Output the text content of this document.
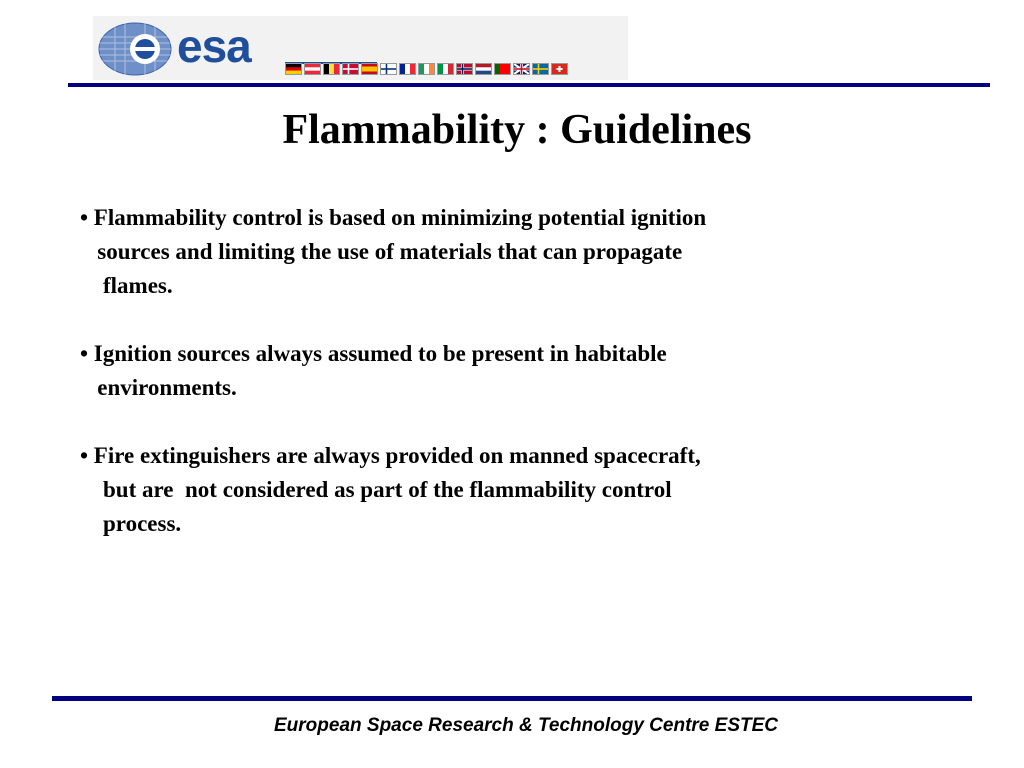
esa
Flammability : Guidelines
• Flammability control is based on minimizing potential ignition
sources and limiting the use of materials that can propagate
flames.
• Ignition sources always assumed to be present in habitable
environments.
• Fire extinguishers are always provided on manned spacecraft,
but are  not considered as part of the flammability control
process.
European Space Research & Technology Centre ESTEC
